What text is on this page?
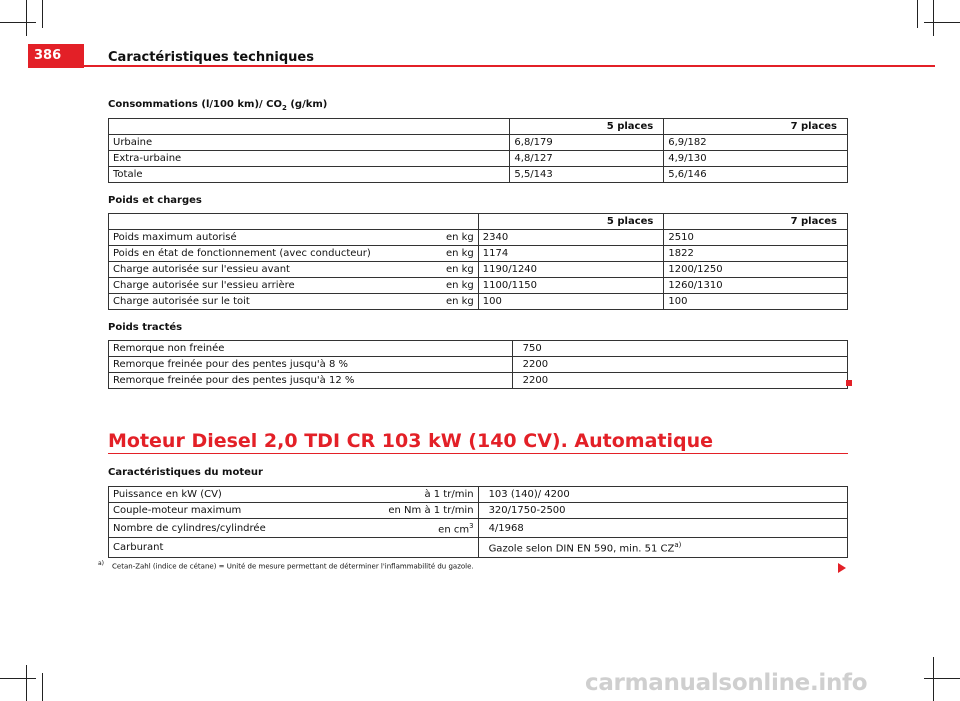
386	Caractéristiques techniques
Consommations (l/100 km)/ $CO_2$ (g/km)
	5 places	7 places
Urbaine	6,8/179	6,9/182
Extra-urbaine	4,8/127	4,9/130
Totale	5,5/143	5,6/146
Poids et charges
		5 places	7 places
Poids maximum autorisé	en kg	2340	2510
Poids en état de fonctionnement (avec conducteur)	en kg	1174	1822
Charge autorisée sur l'essieu avant	en kg	1190/1240	1200/1250
Charge autorisée sur l'essieu arrière	en kg	1100/1150	1260/1310
Charge autorisée sur le toit	en kg	100	100
Poids tractés
Remorque non freinée	750
Remorque freinée pour des pentes jusqu'à 8 %	2200
Remorque freinée pour des pentes jusqu'à 12 %	2200
Moteur Diesel 2,0 TDI CR 103 kW (140 CV). Automatique
Caractéristiques du moteur
Puissance en kW (CV)	à 1 tr/min	103 (140)/ 4200
Couple-moteur maximum	en Nm à 1 tr/min	320/1750-2500
Nombre de cylindres/cylindrée	en $cm^3$	4/1968
Carburant		Gazole selon DIN EN 590, min. 51 CZ$^{a)}$
$^{a)}$ Cetan-Zahl (indice de cétane) = Unité de mesure permettant de déterminer l'inflammabilité du gazole.
carmanualsonline.info
